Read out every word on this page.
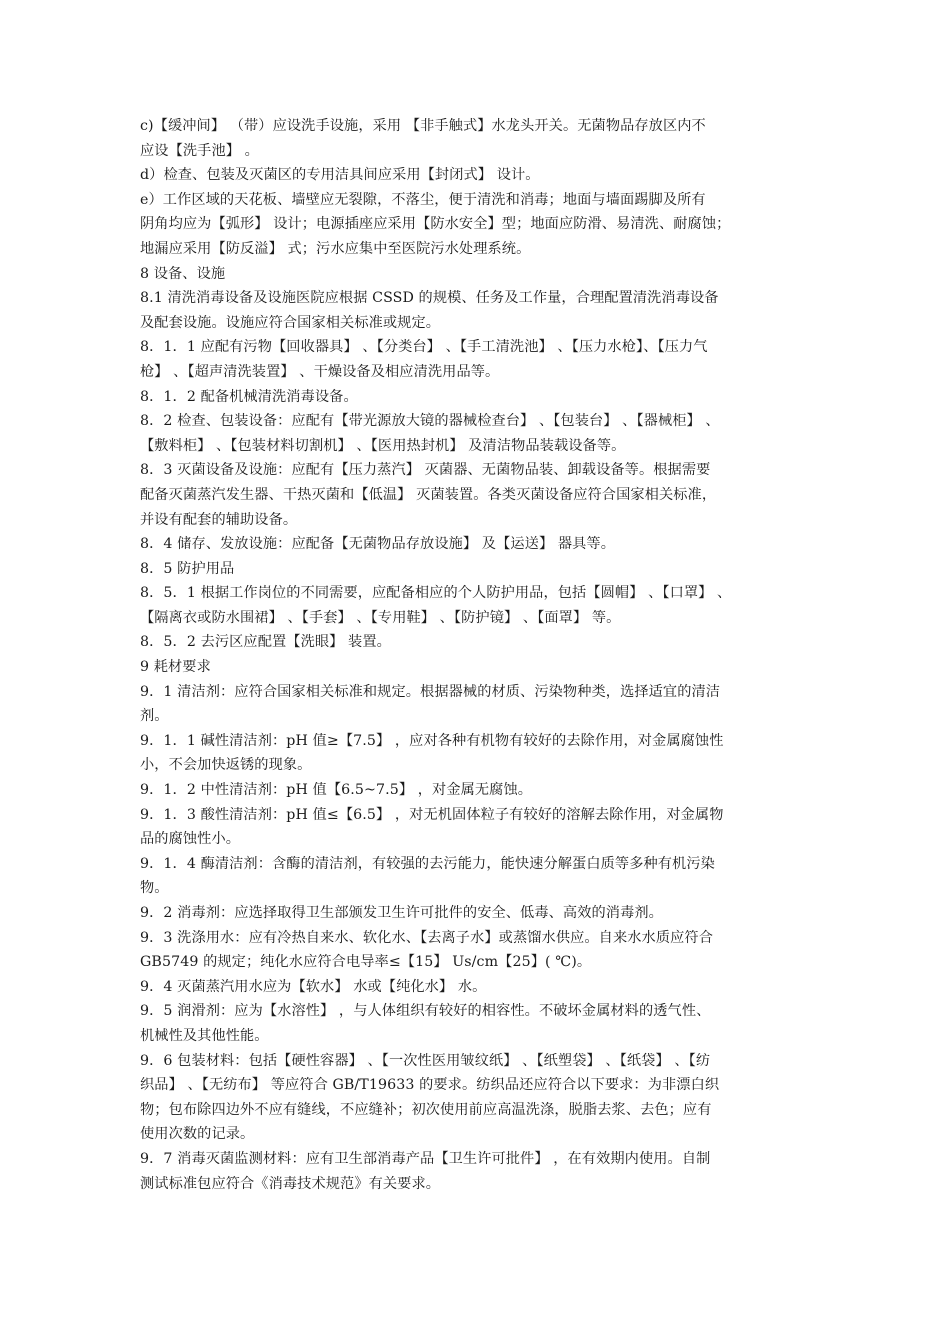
c)【缓冲间】 （带）应设洗手设施，采用 【非手触式】水龙头开关。无菌物品存放区内不
应设【洗手池】 。
d）检查、包装及灭菌区的专用洁具间应采用【封闭式】 设计。
e）工作区域的天花板、墙壁应无裂隙，不落尘，便于清洗和消毒；地面与墙面踢脚及所有
阴角均应为【弧形】 设计；电源插座应采用【防水安全】型；地面应防滑、易清洗、耐腐蚀；
地漏应采用【防反溢】 式；污水应集中至医院污水处理系统。
8 设备、设施
8.1 清洗消毒设备及设施医院应根据 CSSD 的规模、任务及工作量，合理配置清洗消毒设备
及配套设施。设施应符合国家相关标准或规定。
8．1．1 应配有污物【回收器具】 、【分类台】 、【手工清洗池】 、【压力水枪】、【压力气
枪】 、【超声清洗装置】 、干燥设备及相应清洗用品等。
8．1．2 配备机械清洗消毒设备。
8．2 检查、包装设备：应配有【带光源放大镜的器械检查台】 、【包装台】 、【器械柜】 、
【敷料柜】 、【包装材料切割机】 、【医用热封机】 及清洁物品装载设备等。
8．3 灭菌设备及设施：应配有【压力蒸汽】 灭菌器、无菌物品装、卸载设备等。根据需要
配备灭菌蒸汽发生器、干热灭菌和【低温】 灭菌装置。各类灭菌设备应符合国家相关标准，
并设有配套的辅助设备。
8．4 储存、发放设施：应配备【无菌物品存放设施】 及【运送】 器具等。
8．5 防护用品
8．5．1 根据工作岗位的不同需要，应配备相应的个人防护用品，包括【圆帽】 、【口罩】 、
【隔离衣或防水围裙】 、【手套】 、【专用鞋】 、【防护镜】 、【面罩】 等。
8．5．2 去污区应配置【洗眼】 装置。
9 耗材要求
9．1 清洁剂：应符合国家相关标准和规定。根据器械的材质、污染物种类，选择适宜的清洁
剂。
9．1．1 碱性清洁剂：pH 值≥【7.5】 ，应对各种有机物有较好的去除作用，对金属腐蚀性
小，不会加快返锈的现象。
9．1．2 中性清洁剂：pH 值【6.5~7.5】 ，对金属无腐蚀。
9．1．3 酸性清洁剂：pH 值≤【6.5】 ，对无机固体粒子有较好的溶解去除作用，对金属物
品的腐蚀性小。
9．1．4 酶清洁剂：含酶的清洁剂，有较强的去污能力，能快速分解蛋白质等多种有机污染
物。
9．2 消毒剂：应选择取得卫生部颁发卫生许可批件的安全、低毒、高效的消毒剂。
9．3 洗涤用水：应有冷热自来水、软化水、【去离子水】或蒸馏水供应。自来水水质应符合
GB5749 的规定；纯化水应符合电导率≤【15】 Us/cm【25】( ℃)。
9．4 灭菌蒸汽用水应为【软水】 水或【纯化水】 水。
9．5 润滑剂：应为【水溶性】 ，与人体组织有较好的相容性。不破坏金属材料的透气性、
机械性及其他性能。
9．6 包装材料：包括【硬性容器】 、【一次性医用皱纹纸】 、【纸塑袋】 、【纸袋】 、【纺
织品】 、【无纺布】 等应符合 GB/T19633 的要求。纺织品还应符合以下要求：为非漂白织
物；包布除四边外不应有缝线，不应缝补；初次使用前应高温洗涤，脱脂去浆、去色；应有
使用次数的记录。
9．7 消毒灭菌监测材料：应有卫生部消毒产品【卫生许可批件】 ，在有效期内使用。自制
测试标准包应符合《消毒技术规范》有关要求。
